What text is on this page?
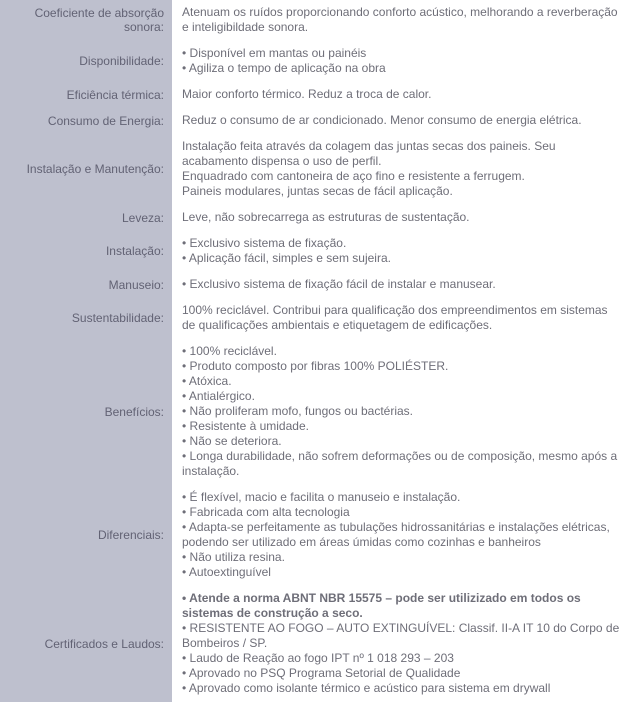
Coeficiente de absorção sonora:
Atenuam os ruídos proporcionando conforto acústico, melhorando a reverberação e inteligibildade sonora.
Disponibilidade:
• Disponível em mantas ou painéis
• Agiliza o tempo de aplicação na obra
Eficiência térmica: Maior conforto térmico. Reduz a troca de calor.
Consumo de Energia: Reduz o consumo de ar condicionado. Menor consumo de energia elétrica.
Instalação e Manutenção:
Instalação feita através da colagem das juntas secas dos paineis. Seu acabamento dispensa o uso de perfil.
Enquadrado com cantoneira de aço fino e resistente a ferrugem.
Paineis modulares, juntas secas de fácil aplicação.
Leveza: Leve, não sobrecarrega as estruturas de sustentação.
Instalação:
• Exclusivo sistema de fixação.
• Aplicação fácil, simples e sem sujeira.
Manuseio: • Exclusivo sistema de fixação fácil de instalar e manusear.
Sustentabilidade:
100% reciclável. Contribui para qualificação dos empreendimentos em sistemas de qualificações ambientais e etiquetagem de edificações.
Benefícios:
• 100% reciclável.
• Produto composto por fibras 100% POLIÉSTER.
• Atóxica.
• Antialérgico.
• Não proliferam mofo, fungos ou bactérias.
• Resistente à umidade.
• Não se deteriora.
• Longa durabilidade, não sofrem deformações ou de composição, mesmo após a instalação.
Diferenciais:
• É flexível, macio e facilita o manuseio e instalação.
• Fabricada com alta tecnologia
• Adapta-se perfeitamente as tubulações hidrossanitárias e instalações elétricas, podendo ser utilizado em áreas úmidas como cozinhas e banheiros
• Não utiliza resina.
• Autoextinguível
Certificados e Laudos:
• Atende a norma ABNT NBR 15575 – pode ser utilizizado em todos os sistemas de construção a seco.
• RESISTENTE AO FOGO – AUTO EXTINGUÍVEL: Classif. II-A IT 10 do Corpo de Bombeiros / SP.
• Laudo de Reação ao fogo IPT nº 1 018 293 – 203
• Aprovado no PSQ Programa Setorial de Qualidade
• Aprovado como isolante térmico e acústico para sistema em drywall
